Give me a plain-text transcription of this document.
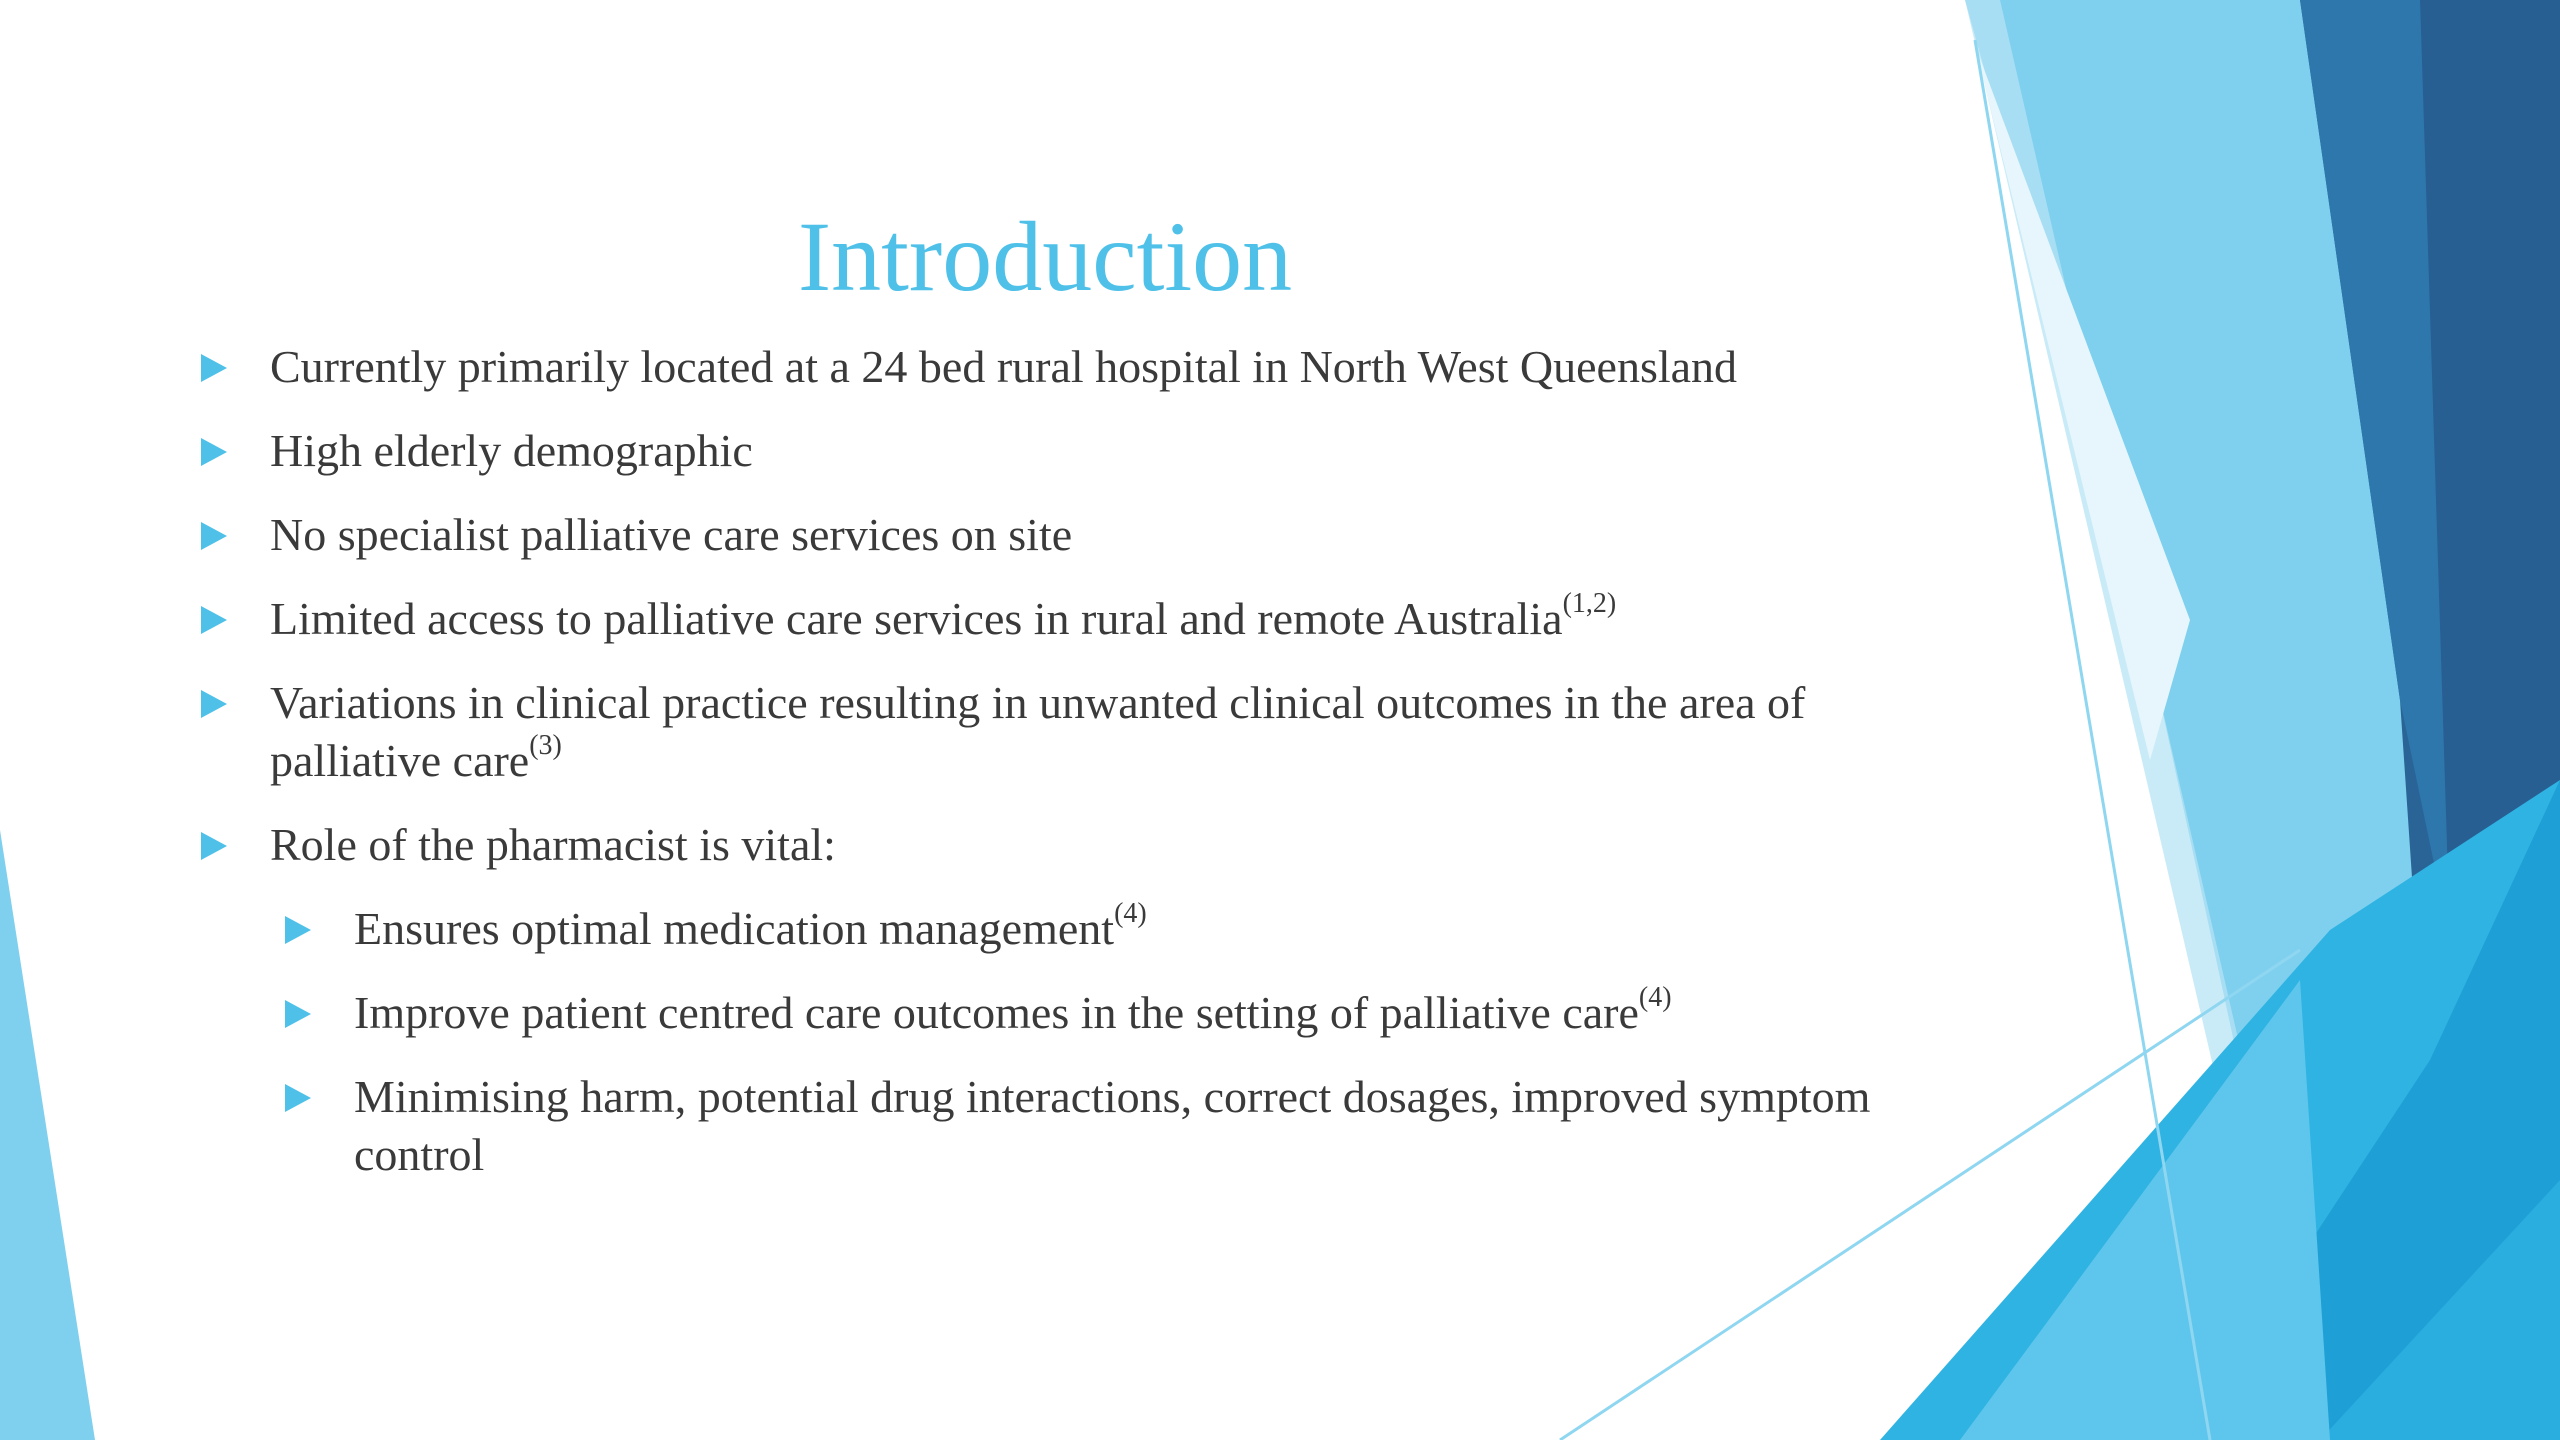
Introduction
Currently primarily located at a 24 bed rural hospital in North West Queensland
High elderly demographic
No specialist palliative care services on site
Limited access to palliative care services in rural and remote Australia$^{(1,2)}$
Variations in clinical practice resulting in unwanted clinical outcomes in the area of palliative care$^{(3)}$
Role of the pharmacist is vital:
Ensures optimal medication management$^{(4)}$
Improve patient centred care outcomes in the setting of palliative care$^{(4)}$
Minimising harm, potential drug interactions, correct dosages, improved symptom control
